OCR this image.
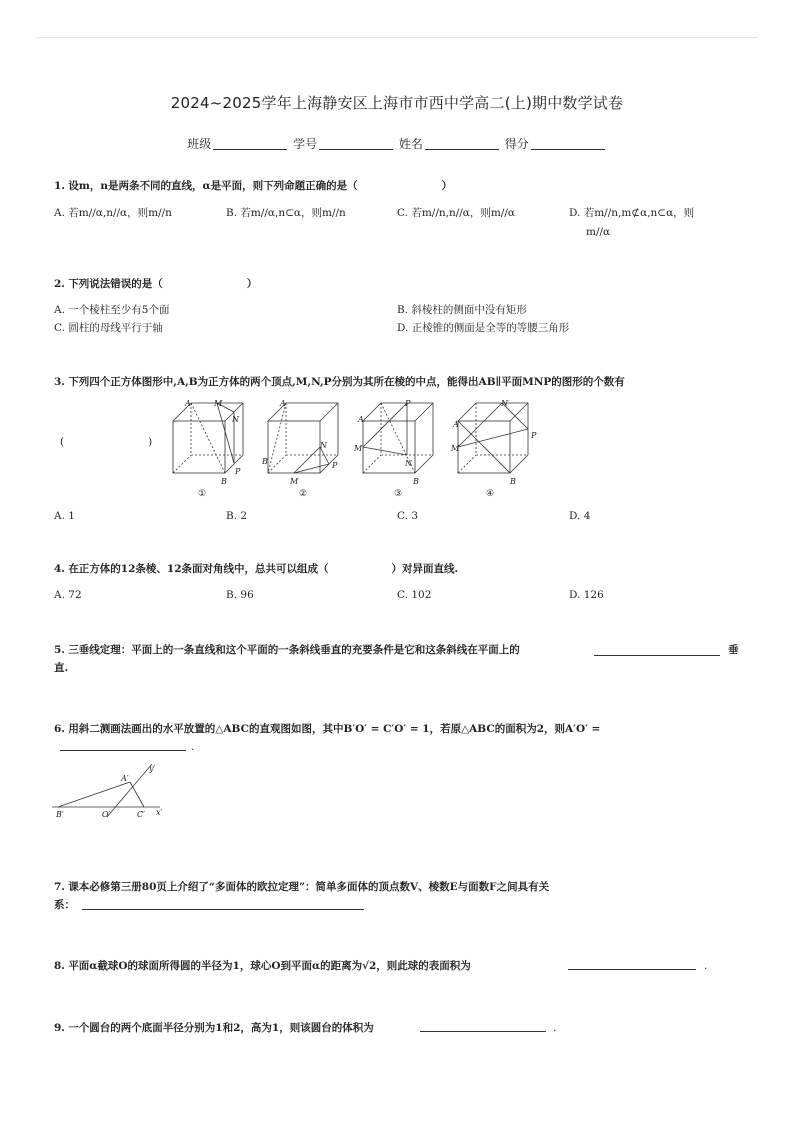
2024~2025学年上海静安区上海市市西中学高二(上)期中数学试卷
班级	学号	姓名	得分
1. 设m，n是两条不同的直线，α是平面，则下列命题正确的是（　　　　　　　　）
A. 若m//α,n//α，则m//n	B. 若m//α,n⊂α，则m//n	C. 若m//n,n//α，则m//α	D. 若m//n,m⊄α,n⊂α，则
m//α
2. 下列说法错误的是（　　　　　　　　）
A. 一个棱柱至少有5个面	B. 斜棱柱的侧面中没有矩形
C. 圆柱的母线平行于轴	D. 正棱锥的侧面是全等的等腰三角形
3. 下列四个正方体图形中,A,B为正方体的两个顶点,M,N,P分别为其所在棱的中点，能得出AB∥平面MNP的图形的个数有
(　　　　　　　　)
A	M
N
B
P
A
P
N
B
M
A
P
M
N
B
A
N
P
M
B
①	②	③	④
A. 1	B. 2	C. 3	D. 4
4. 在正方体的12条棱、12条面对角线中，总共可以组成（　　　　　　）对异面直线.
A. 72	B. 96	C. 102	D. 126
5. 三垂线定理：平面上的一条直线和这个平面的一条斜线垂直的充要条件是它和这条斜线在平面上的	垂
直.
6. 用斜二测画法画出的水平放置的△ABC的直观图如图，其中B′O′ = C′O′ = 1，若原△ABC的面积为2，则A′O′ =
.
A′
y′
B′	O′	C′ x′
7. 课本必修第三册80页上介绍了“多面体的欧拉定理”：简单多面体的顶点数V、棱数E与面数F之间具有关
系：
8. 平面α截球O的球面所得圆的半径为1，球心O到平面α的距离为√2，则此球的表面积为	.
9. 一个圆台的两个底面半径分别为1和2，高为1，则该圆台的体积为	.
